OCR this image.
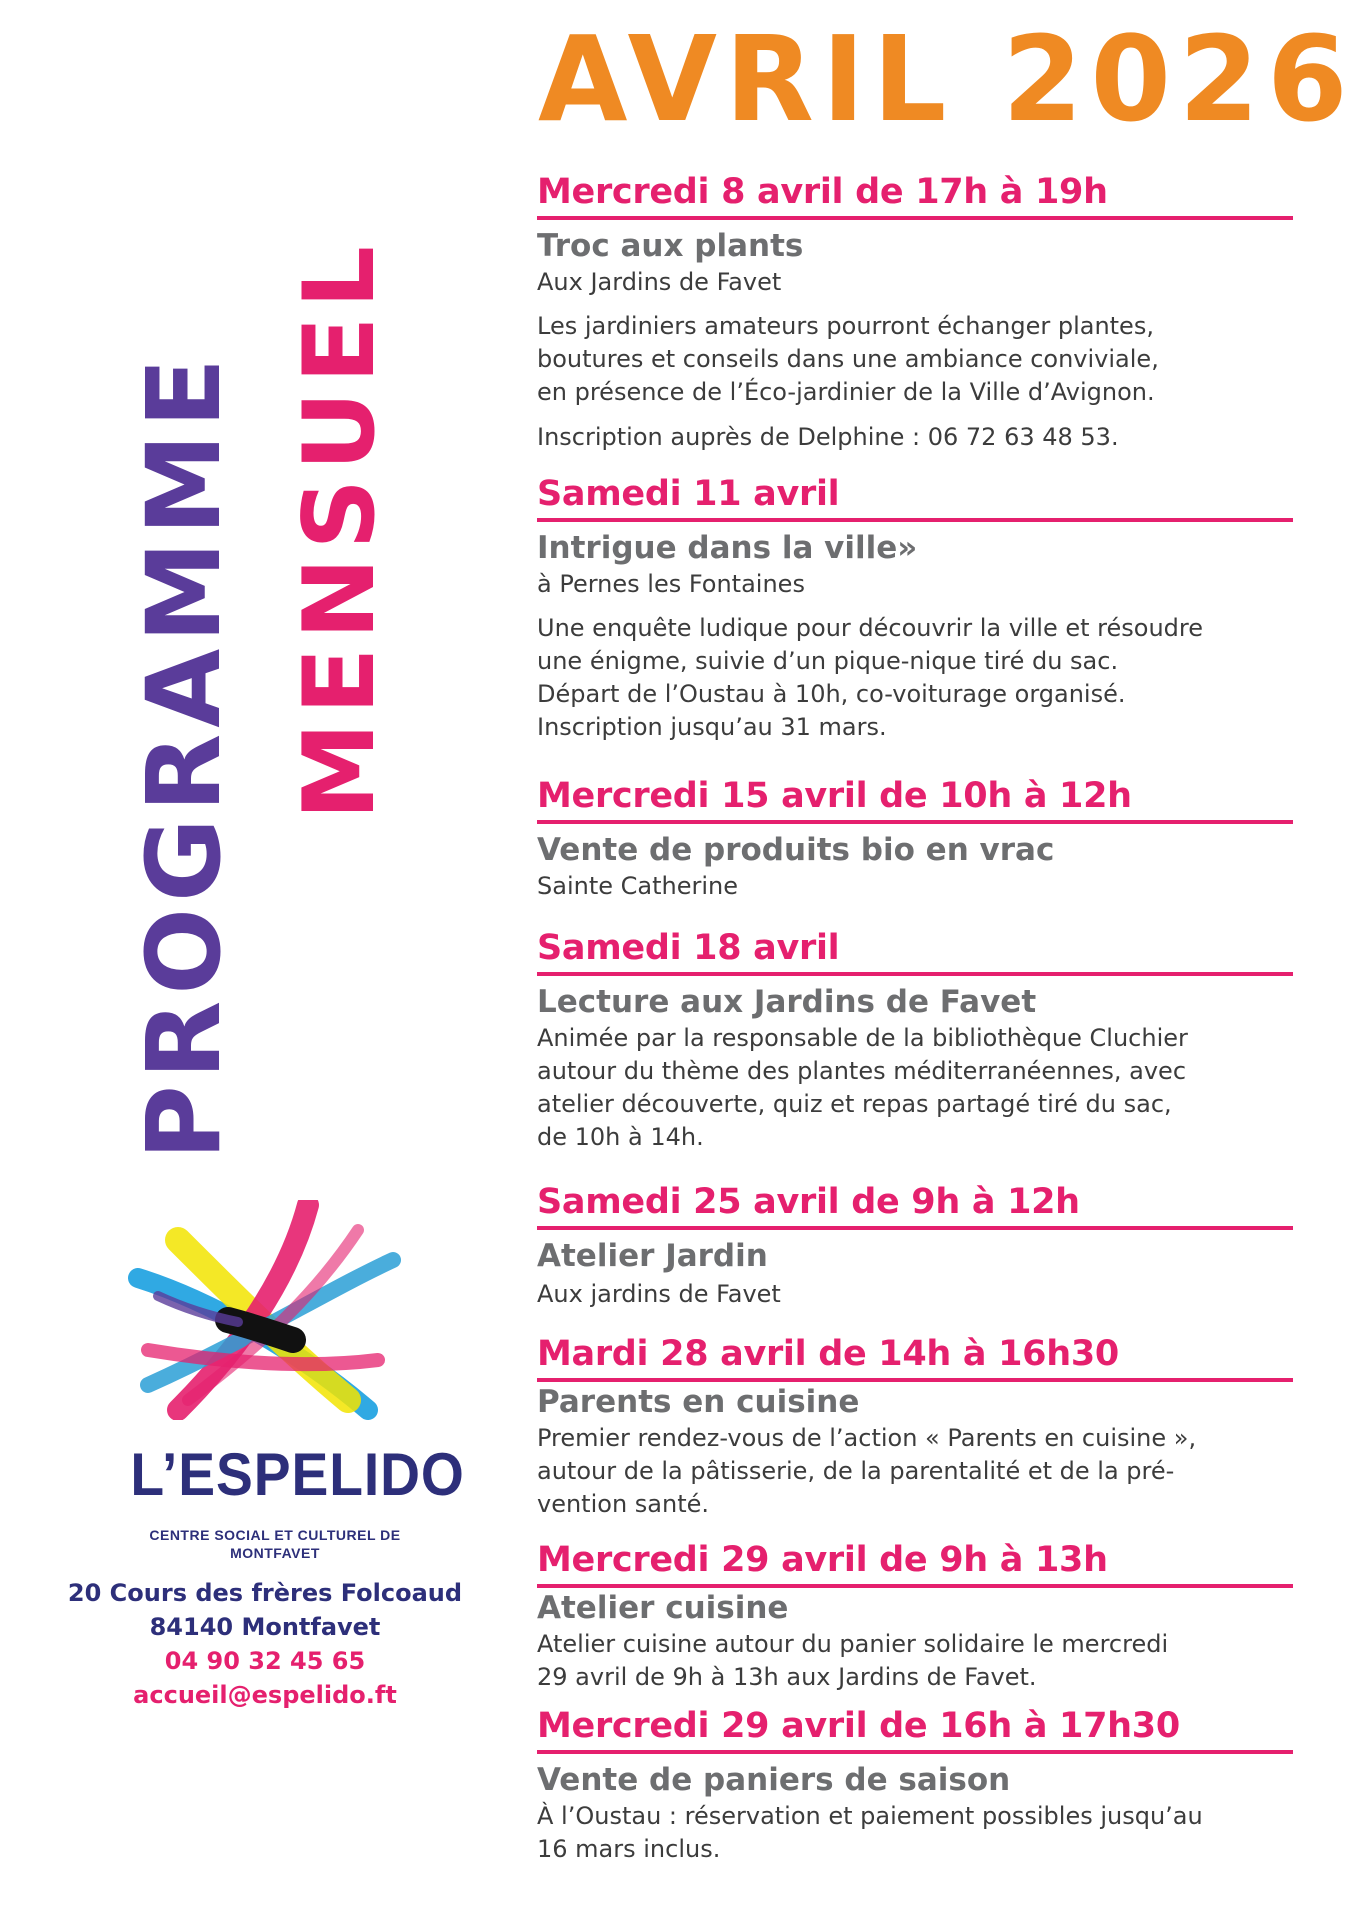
AVRIL 2026
PROGRAMME MENSUEL
L’ESPELIDO
CENTRE SOCIAL ET CULTUREL DE MONTFAVET
20 Cours des frères Folcoaud
84140 Montfavet
04 90 32 45 65
accueil@espelido.ft
Mercredi 8 avril de 17h à 19h
Troc aux plants
Aux Jardins de Favet

Les jardiniers amateurs pourront échanger plantes,

boutures et conseils dans une ambiance conviviale,

en présence de l’Éco-jardinier de la Ville d’Avignon.

Inscription auprès de Delphine : 06 72 63 48 53.

Samedi 11 avril
Intrigue dans la ville»
à Pernes les Fontaines

Une enquête ludique pour découvrir la ville et résoudre

une énigme, suivie d’un pique-nique tiré du sac.

Départ de l’Oustau à 10h, co-voiturage organisé.

Inscription jusqu’au 31 mars.

Mercredi 15 avril de 10h à 12h
Vente de produits bio en vrac
Sainte Catherine
Samedi 18 avril
Lecture aux Jardins de Favet

Animée par la responsable de la bibliothèque Cluchier

autour du thème des plantes méditerranéennes, avec

atelier découverte, quiz et repas partagé tiré du sac,

de 10h à 14h.

Samedi 25 avril de 9h à 12h
Atelier Jardin
Aux jardins de Favet
Mardi 28 avril de 14h à 16h30
Parents en cuisine

Premier rendez-vous de l’action « Parents en cuisine »,

autour de la pâtisserie, de la parentalité et de la pré-

vention santé.

Mercredi 29 avril de 9h à 13h
Atelier cuisine

Atelier cuisine autour du panier solidaire le mercredi

29 avril de 9h à 13h aux Jardins de Favet.

Mercredi 29 avril de 16h à 17h30
Vente de paniers de saison

À l’Oustau : réservation et paiement possibles jusqu’au

16 mars inclus.
